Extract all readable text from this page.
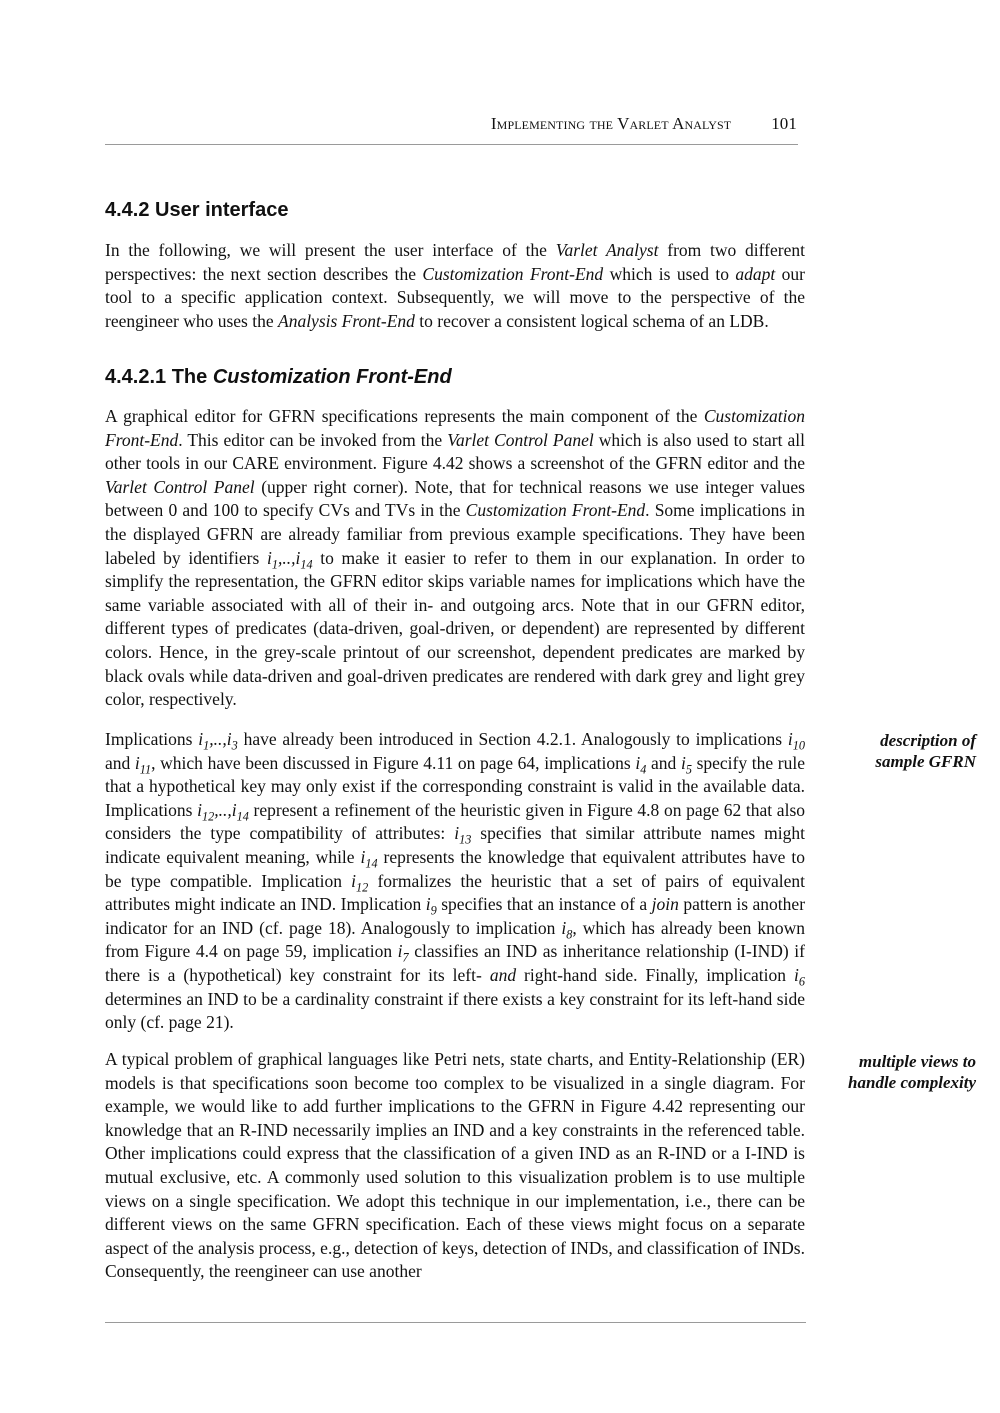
Implementing the Varlet Analyst 101
4.4.2 User interface

In the following, we will present the user interface of the Varlet Analyst from two different perspectives: the next section describes the Customization Front-End which is used to adapt our tool to a specific application context. Subsequently, we will move to the perspective of the reengineer who uses the Analysis Front-End to recover a consistent logical schema of an LDB.

4.4.2.1 The Customization Front-End

A graphical editor for GFRN specifications represents the main component of the Customization Front-End. This editor can be invoked from the Varlet Control Panel which is also used to start all other tools in our CARE environment. Figure 4.42 shows a screenshot of the GFRN editor and the Varlet Control Panel (upper right corner). Note, that for technical reasons we use integer values between 0 and 100 to specify CVs and TVs in the Customization Front-End. Some implications in the displayed GFRN are already familiar from previous example specifications. They have been labeled by identifiers $i_1,..,i_{14}$ to make it easier to refer to them in our explanation. In order to simplify the representation, the GFRN editor skips variable names for implications which have the same variable associated with all of their in- and outgoing arcs. Note that in our GFRN editor, different types of predicates (data-driven, goal-driven, or dependent) are represented by different colors. Hence, in the grey-scale printout of our screenshot, dependent predicates are marked by black ovals while data-driven and goal-driven predicates are rendered with dark grey and light grey color, respectively.

Implications $i_1,..,i_3$ have already been introduced in Section 4.2.1. Analogously to implications $i_{10}$ and $i_{11}$, which have been discussed in Figure 4.11 on page 64, implications $i_4$ and $i_5$ specify the rule that a hypothetical key may only exist if the corresponding constraint is valid in the available data. Implications $i_{12},..,i_{14}$ represent a refinement of the heuristic given in Figure 4.8 on page 62 that also considers the type compatibility of attributes: $i_{13}$ specifies that similar attribute names might indicate equivalent meaning, while $i_{14}$ represents the knowledge that equivalent attributes have to be type compatible. Implication $i_{12}$ formalizes the heuristic that a set of pairs of equivalent attributes might indicate an IND. Implication $i_9$ specifies that an instance of a join pattern is another indicator for an IND (cf. page 18). Analogously to implication $i_8$, which has already been known from Figure 4.4 on page 59, implication $i_7$ classifies an IND as inheritance relationship (I-IND) if there is a (hypothetical) key constraint for its left- and right-hand side. Finally, implication $i_6$ determines an IND to be a cardinality constraint if there exists a key constraint for its left-hand side only (cf. page 21).

description of
sample GFRN

A typical problem of graphical languages like Petri nets, state charts, and Entity-Relationship (ER) models is that specifications soon become too complex to be visualized in a single diagram. For example, we would like to add further implications to the GFRN in Figure 4.42 representing our knowledge that an R-IND necessarily implies an IND and a key constraints in the referenced table. Other implications could express that the classification of a given IND as an R-IND or a I-IND is mutual exclusive, etc. A commonly used solution to this visualization problem is to use multiple views on a single specification. We adopt this technique in our implementation, i.e., there can be different views on the same GFRN specification. Each of these views might focus on a separate aspect of the analysis process, e.g., detection of keys, detection of INDs, and classification of INDs. Consequently, the reengineer can use another

multiple views to
handle complexity
